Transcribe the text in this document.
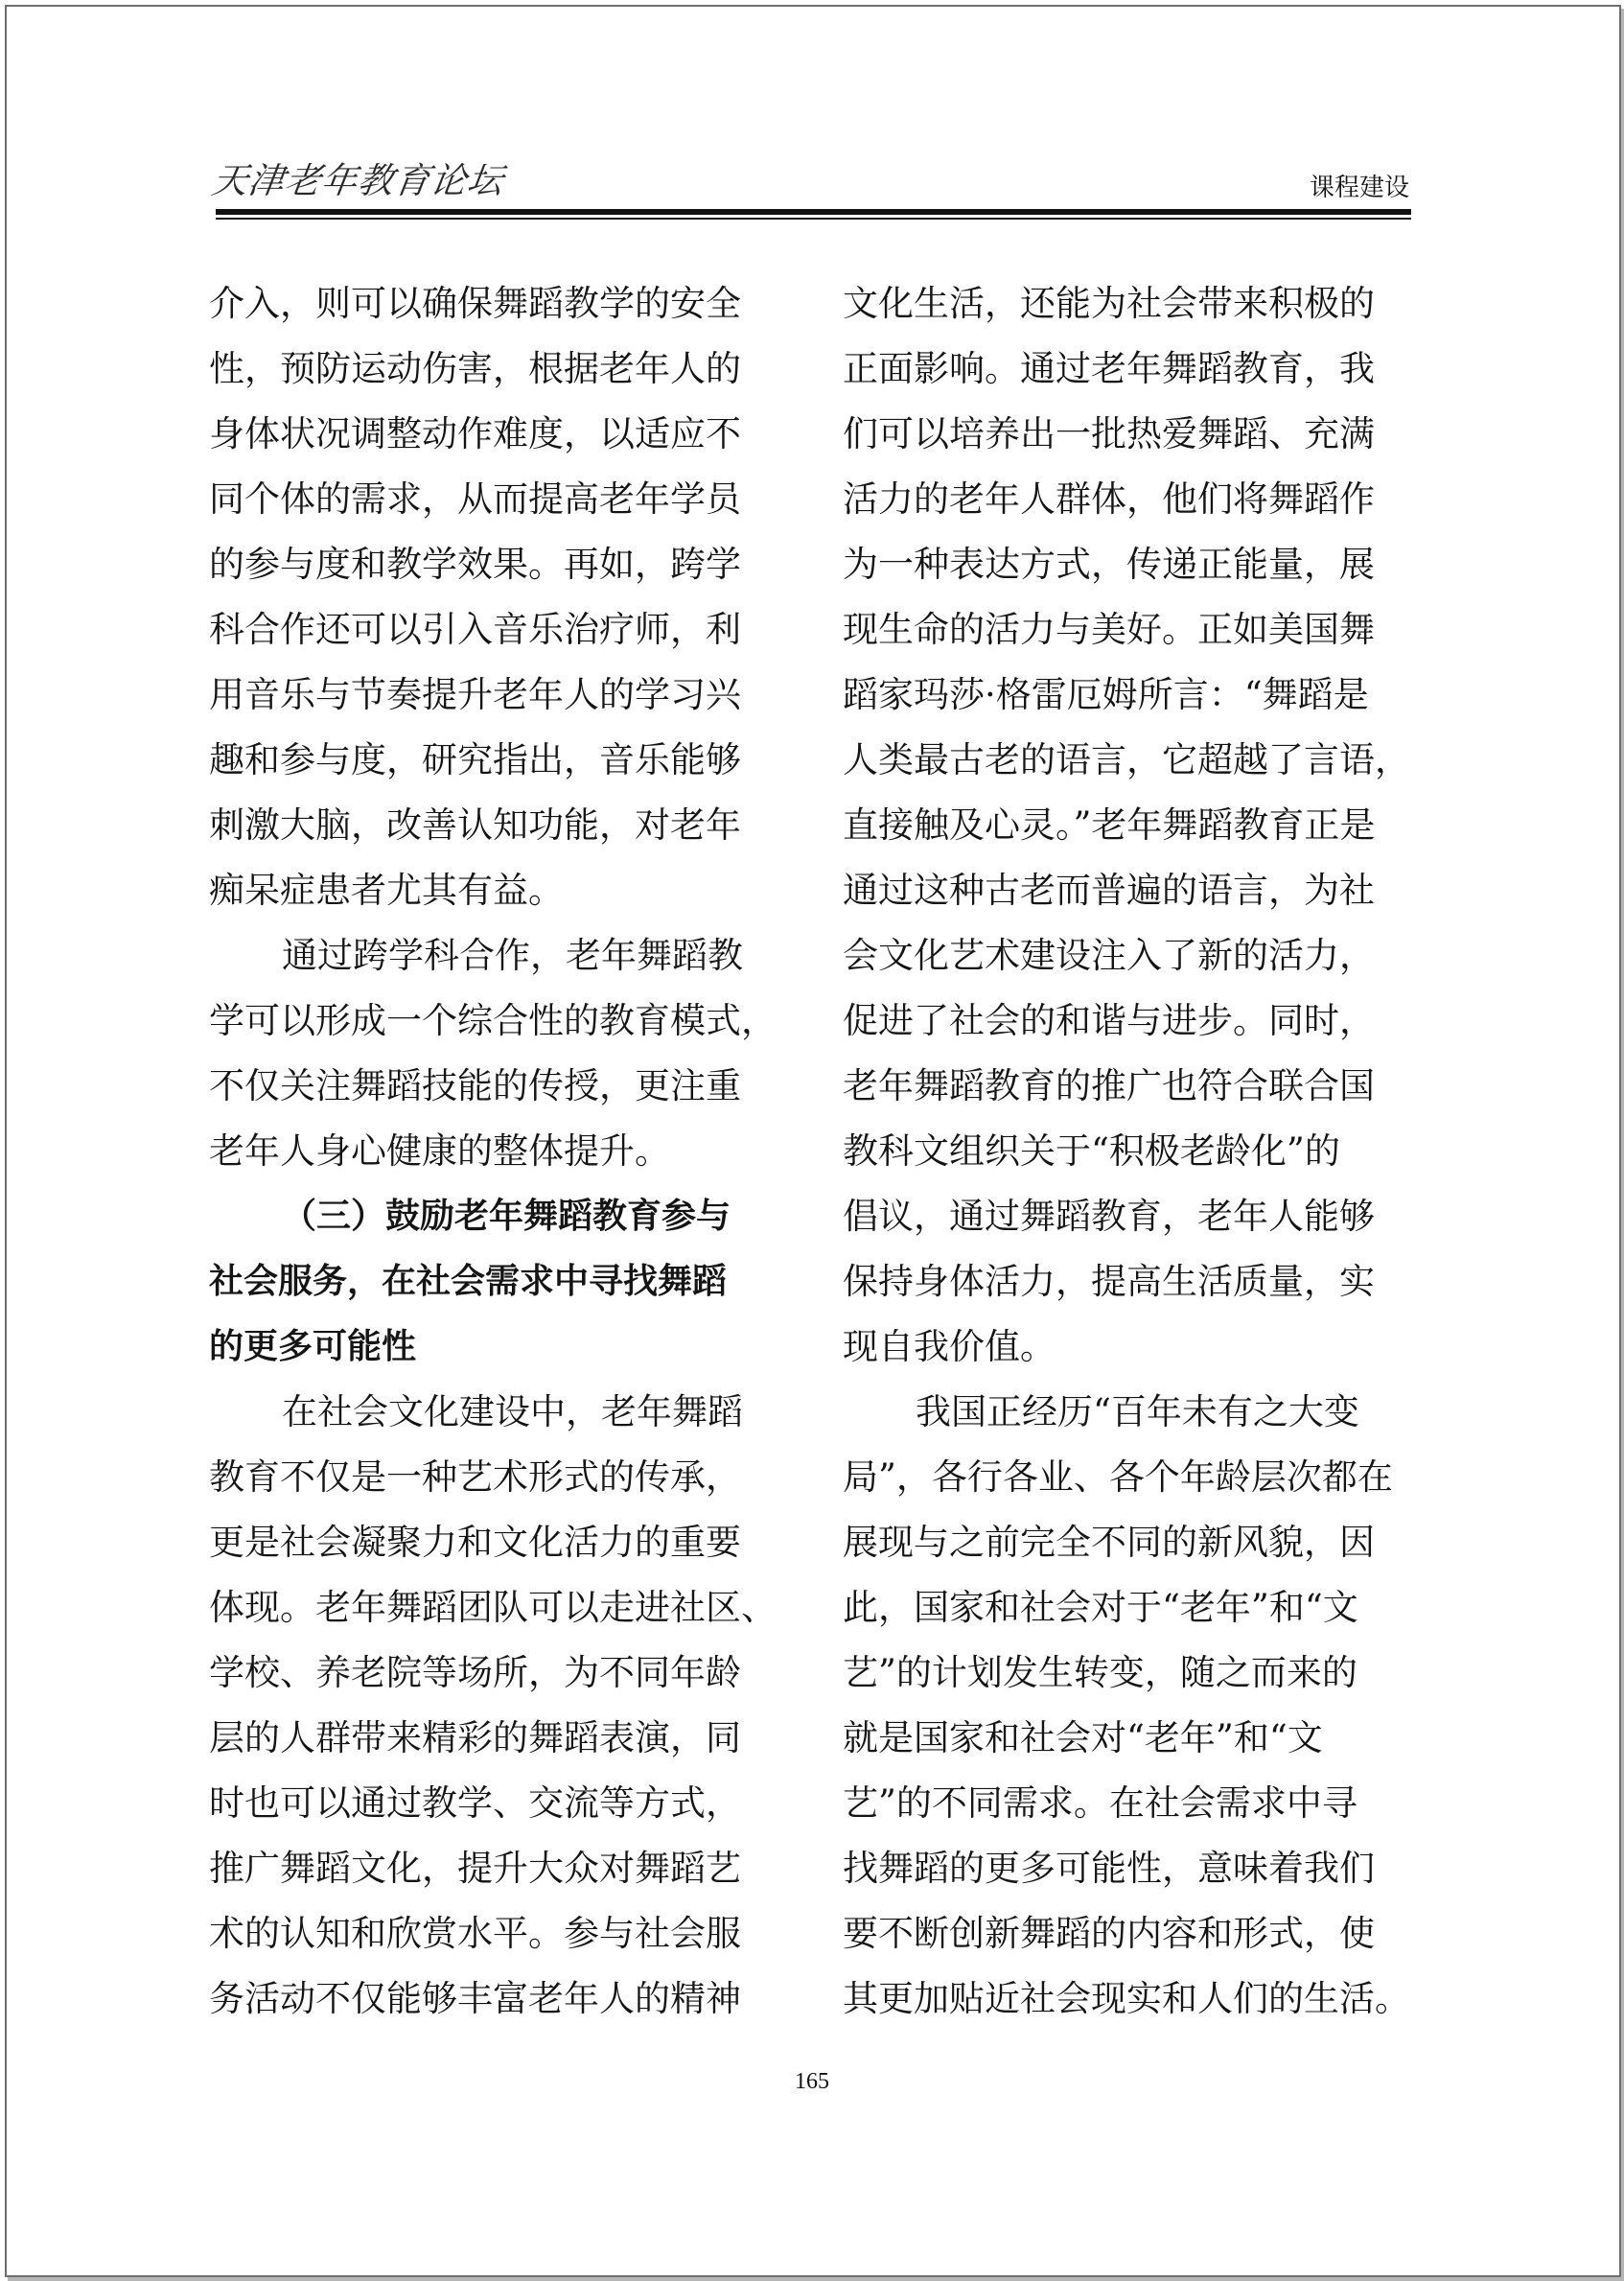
天津老年教育论坛	课程建设
介入，则可以确保舞蹈教学的安全
性，预防运动伤害，根据老年人的
身体状况调整动作难度，以适应不
同个体的需求，从而提高老年学员
的参与度和教学效果。再如，跨学
科合作还可以引入音乐治疗师，利
用音乐与节奏提升老年人的学习兴
趣和参与度，研究指出，音乐能够
刺激大脑，改善认知功能，对老年
痴呆症患者尤其有益。
通过跨学科合作，老年舞蹈教
学可以形成一个综合性的教育模式，
不仅关注舞蹈技能的传授，更注重
老年人身心健康的整体提升。
（三）鼓励老年舞蹈教育参与
社会服务，在社会需求中寻找舞蹈
的更多可能性
在社会文化建设中，老年舞蹈
教育不仅是一种艺术形式的传承，
更是社会凝聚力和文化活力的重要
体现。老年舞蹈团队可以走进社区、
学校、养老院等场所，为不同年龄
层的人群带来精彩的舞蹈表演，同
时也可以通过教学、交流等方式，
推广舞蹈文化，提升大众对舞蹈艺
术的认知和欣赏水平。参与社会服
务活动不仅能够丰富老年人的精神
文化生活，还能为社会带来积极的
正面影响。通过老年舞蹈教育，我
们可以培养出一批热爱舞蹈、充满
活力的老年人群体，他们将舞蹈作
为一种表达方式，传递正能量，展
现生命的活力与美好。正如美国舞
蹈家玛莎·格雷厄姆所言：“舞蹈是
人类最古老的语言，它超越了言语，
直接触及心灵。”老年舞蹈教育正是
通过这种古老而普遍的语言，为社
会文化艺术建设注入了新的活力，
促进了社会的和谐与进步。同时，
老年舞蹈教育的推广也符合联合国
教科文组织关于“积极老龄化”的
倡议，通过舞蹈教育，老年人能够
保持身体活力，提高生活质量，实
现自我价值。
我国正经历“百年未有之大变
局”，各行各业、各个年龄层次都在
展现与之前完全不同的新风貌，因
此，国家和社会对于“老年”和“文
艺”的计划发生转变，随之而来的
就是国家和社会对“老年”和“文
艺”的不同需求。在社会需求中寻
找舞蹈的更多可能性，意味着我们
要不断创新舞蹈的内容和形式，使
其更加贴近社会现实和人们的生活。
165
